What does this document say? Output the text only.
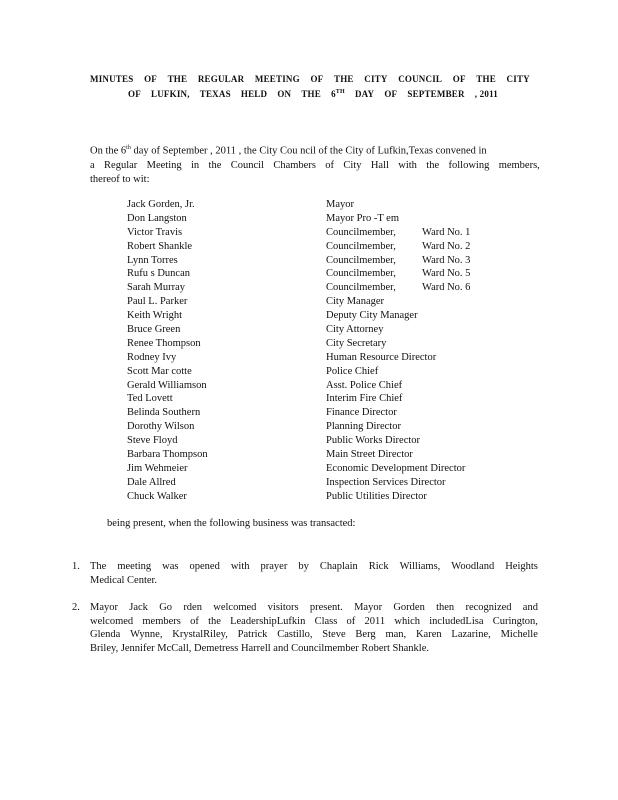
MINUTES OF THE REGULAR MEETING OF THE CITY COUNCIL OF THE CITY
OF LUFKIN, TEXAS HELD ON THE 6TH DAY OF SEPTEMBER , 2011
On the 6th day of September , 2011 , the City Cou ncil of the City of Lufkin,Texas convened in
a Regular Meeting in the Council Chambers of City Hall with the following members,
thereof to wit:
Jack Gorden, Jr.	Mayor
Don Langston	Mayor Pro -T em
Victor Travis	Councilmember,	Ward No. 1
Robert Shankle	Councilmember,	Ward No. 2
Lynn Torres	Councilmember,	Ward No. 3
Rufu s Duncan	Councilmember,	Ward No. 5
Sarah Murray	Councilmember,	Ward No. 6
Paul L. Parker	City Manager
Keith Wright	Deputy City Manager
Bruce Green	City Attorney
Renee Thompson	City Secretary
Rodney Ivy	Human Resource Director
Scott Mar cotte	Police Chief
Gerald Williamson	Asst. Police Chief
Ted Lovett	Interim Fire Chief
Belinda Southern	Finance Director
Dorothy Wilson	Planning Director
Steve Floyd	Public Works Director
Barbara Thompson	Main Street Director
Jim Wehmeier	Economic Development Director
Dale Allred	Inspection Services Director
Chuck Walker	Public Utilities Director
being present, when the following business was transacted:
1. The meeting was opened with prayer by Chaplain Rick Williams, Woodland Heights
Medical Center.
2. Mayor Jack Go rden welcomed visitors present. Mayor Gorden then recognized and
welcomed members of the LeadershipLufkin Class of 2011 which includedLisa Curington,
Glenda Wynne, KrystalRiley, Patrick Castillo, Steve Berg man, Karen Lazarine, Michelle
Briley, Jennifer McCall, Demetress Harrell and Councilmember Robert Shankle.
